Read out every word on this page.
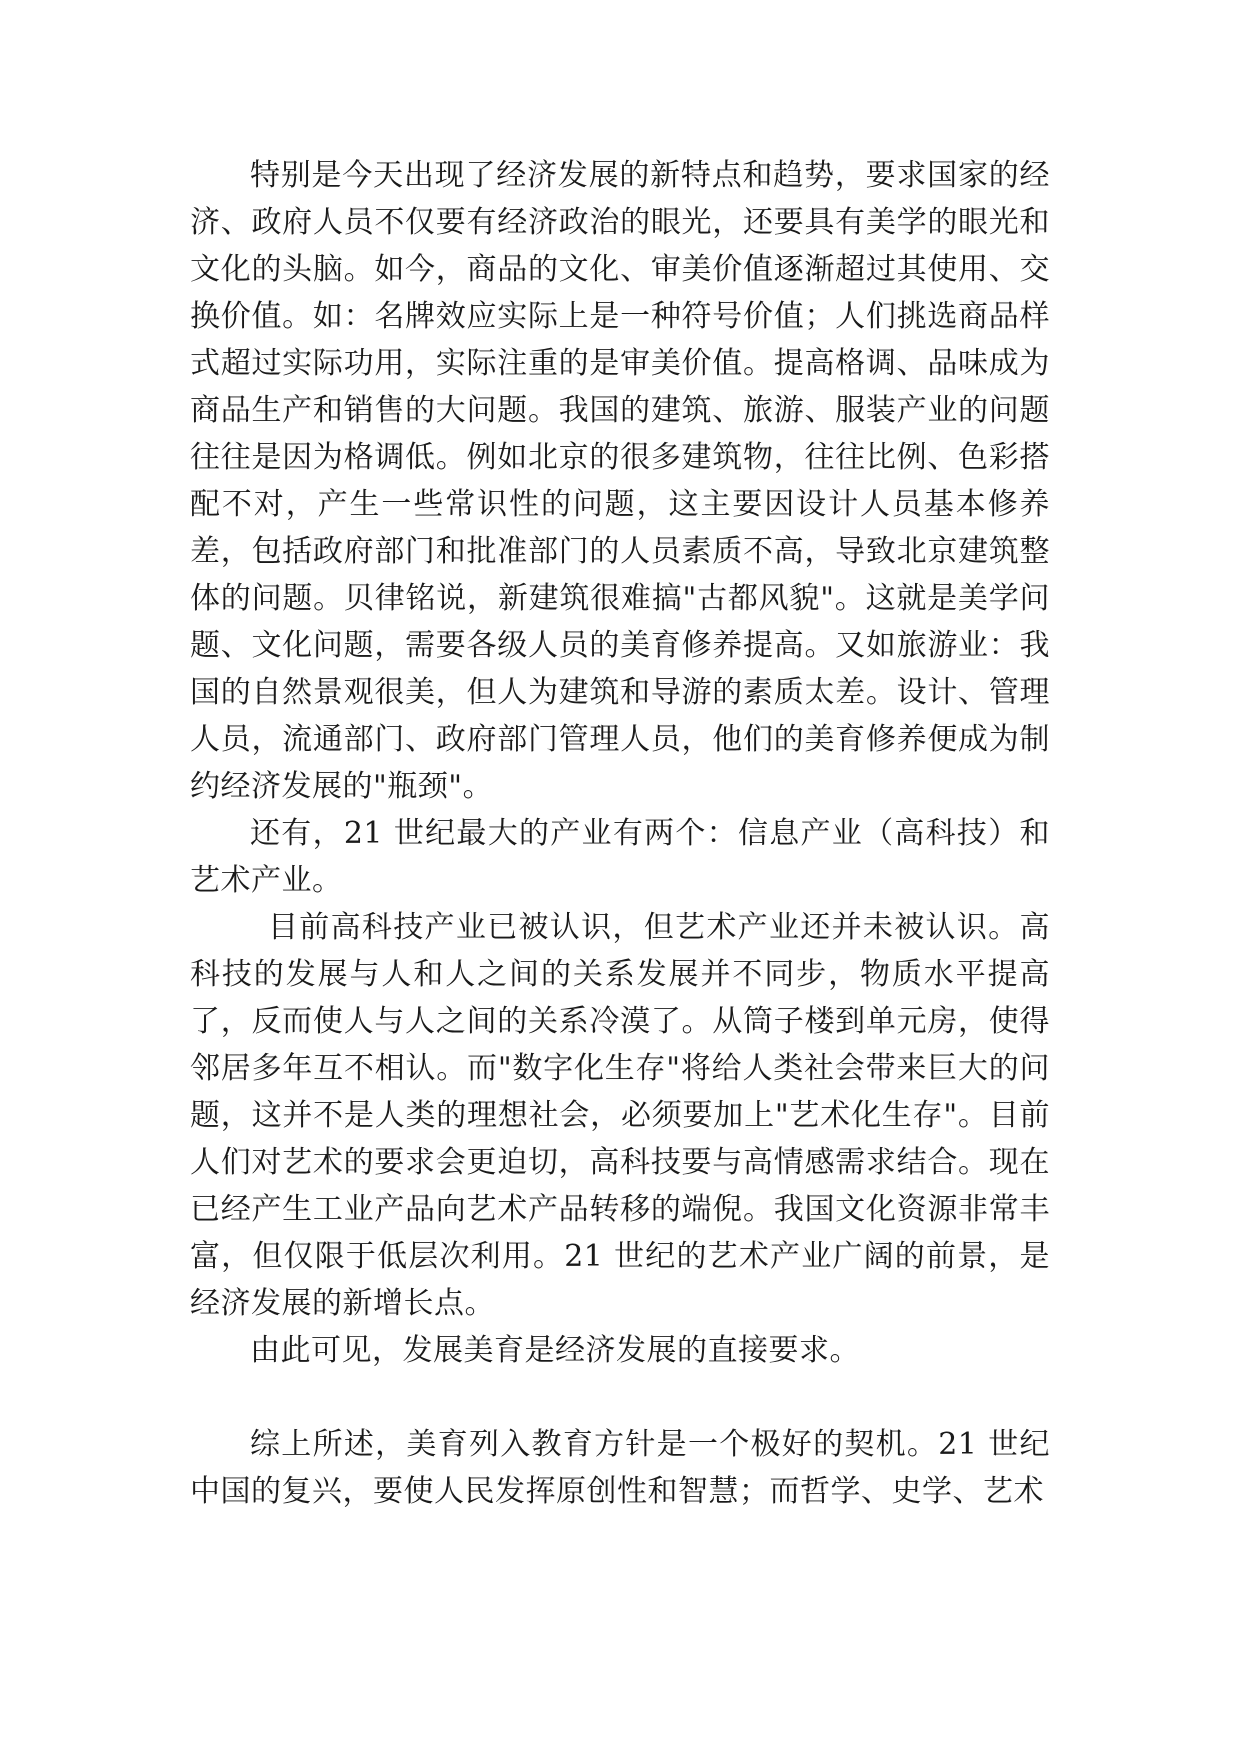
特别是今天出现了经济发展的新特点和趋势，要求国家的经济、政府人员不仅要有经济政治的眼光，还要具有美学的眼光和文化的头脑。如今，商品的文化、审美价值逐渐超过其使用、交换价值。如：名牌效应实际上是一种符号价值；人们挑选商品样式超过实际功用，实际注重的是审美价值。提高格调、品味成为商品生产和销售的大问题。我国的建筑、旅游、服装产业的问题往往是因为格调低。例如北京的很多建筑物，往往比例、色彩搭配不对，产生一些常识性的问题，这主要因设计人员基本修养差，包括政府部门和批准部门的人员素质不高，导致北京建筑整体的问题。贝律铭说，新建筑很难搞"古都风貌"。这就是美学问题、文化问题，需要各级人员的美育修养提高。又如旅游业：我国的自然景观很美，但人为建筑和导游的素质太差。设计、管理人员，流通部门、政府部门管理人员，他们的美育修养便成为制约经济发展的"瓶颈"。

还有，21 世纪最大的产业有两个：信息产业（高科技）和艺术产业。

目前高科技产业已被认识，但艺术产业还并未被认识。高科技的发展与人和人之间的关系发展并不同步，物质水平提高了，反而使人与人之间的关系冷漠了。从筒子楼到单元房，使得邻居多年互不相认。而"数字化生存"将给人类社会带来巨大的问题，这并不是人类的理想社会，必须要加上"艺术化生存"。目前人们对艺术的要求会更迫切，高科技要与高情感需求结合。现在已经产生工业产品向艺术产品转移的端倪。我国文化资源非常丰富，但仅限于低层次利用。21 世纪的艺术产业广阔的前景，是经济发展的新增长点。

由此可见，发展美育是经济发展的直接要求。

综上所述，美育列入教育方针是一个极好的契机。21 世纪中国的复兴，要使人民发挥原创性和智慧；而哲学、史学、艺术
